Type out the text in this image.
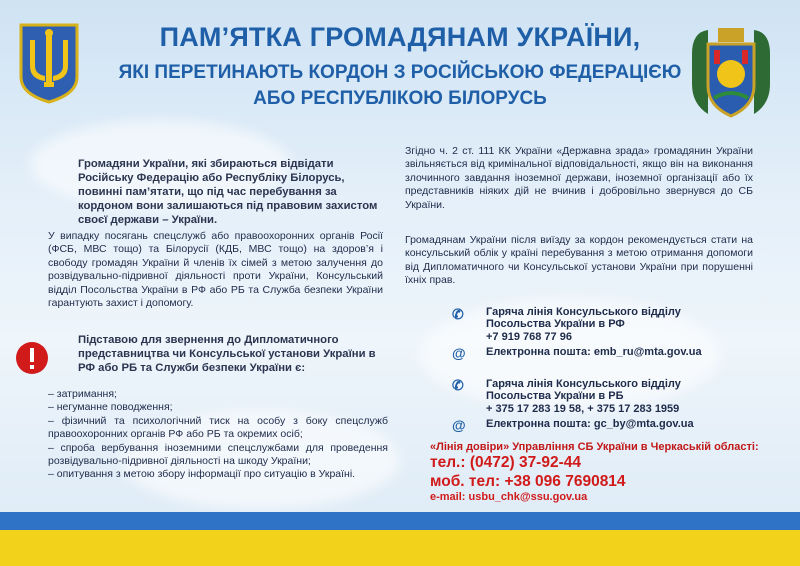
ПАМ’ЯТКА ГРОМАДЯНАМ УКРАЇНИ,
ЯКІ ПЕРЕТИНАЮТЬ КОРДОН З РОСІЙСЬКОЮ ФЕДЕРАЦІЄЮ
АБО РЕСПУБЛІКОЮ БІЛОРУСЬ
Громадяни України, які збираються відвідати Російську Федерацію або Республіку Білорусь, повинні пам’ятати, що під час перебування за кордоном вони залишаються під правовим захистом своєї держави – України.
У випадку посягань спецслужб або правоохоронних органів Росії (ФСБ, МВС тощо) та Білорусії (КДБ, МВС тощо) на здоров’я і свободу громадян України й членів їх сімей з метою залучення до розвідувально-підривної діяльності проти України, Консульський відділ Посольства України в РФ або РБ та Служба безпеки України гарантують захист і допомогу.
Підставою для звернення до Дипломатичного представництва чи Консульської установи України в РФ або РБ та Служби безпеки України є:
– затримання;
– негуманне поводження;
– фізичний та психологічний тиск на особу з боку спецслужб правоохоронних органів РФ або РБ та окремих осіб;
– спроба вербування іноземними спецслужбами для проведення розвідувально-підривної діяльності на шкоду України;
– опитування з метою збору інформації про ситуацію в Україні.
Згідно ч. 2 ст. 111 КК України «Державна зрада» громадянин України звільняється від кримінальної відповідальності, якщо він на виконання злочинного завдання іноземної держави, іноземної організації або їх представників ніяких дій не вчинив і добровільно звернувся до СБ України.
Громадянам України після виїзду за кордон рекомендується стати на консульський облік у країні перебування з метою отримання допомоги від Дипломатичного чи Консульської установи України при порушенні їхніх прав.
✆ Гаряча лінія Консульського відділу
Посольства України в РФ
+7 919 768 77 96
@ Електронна пошта: emb_ru@mta.gov.ua
✆ Гаряча лінія Консульського відділу
Посольства України в РБ
+ 375 17 283 19 58, + 375 17 283 1959
@ Електронна пошта: gc_by@mta.gov.ua
«Лінія довіри» Управління СБ України в Черкаській області:
тел.: (0472) 37-92-44
моб. тел: +38 096 7690814
e-mail: usbu_chk@ssu.gov.ua
